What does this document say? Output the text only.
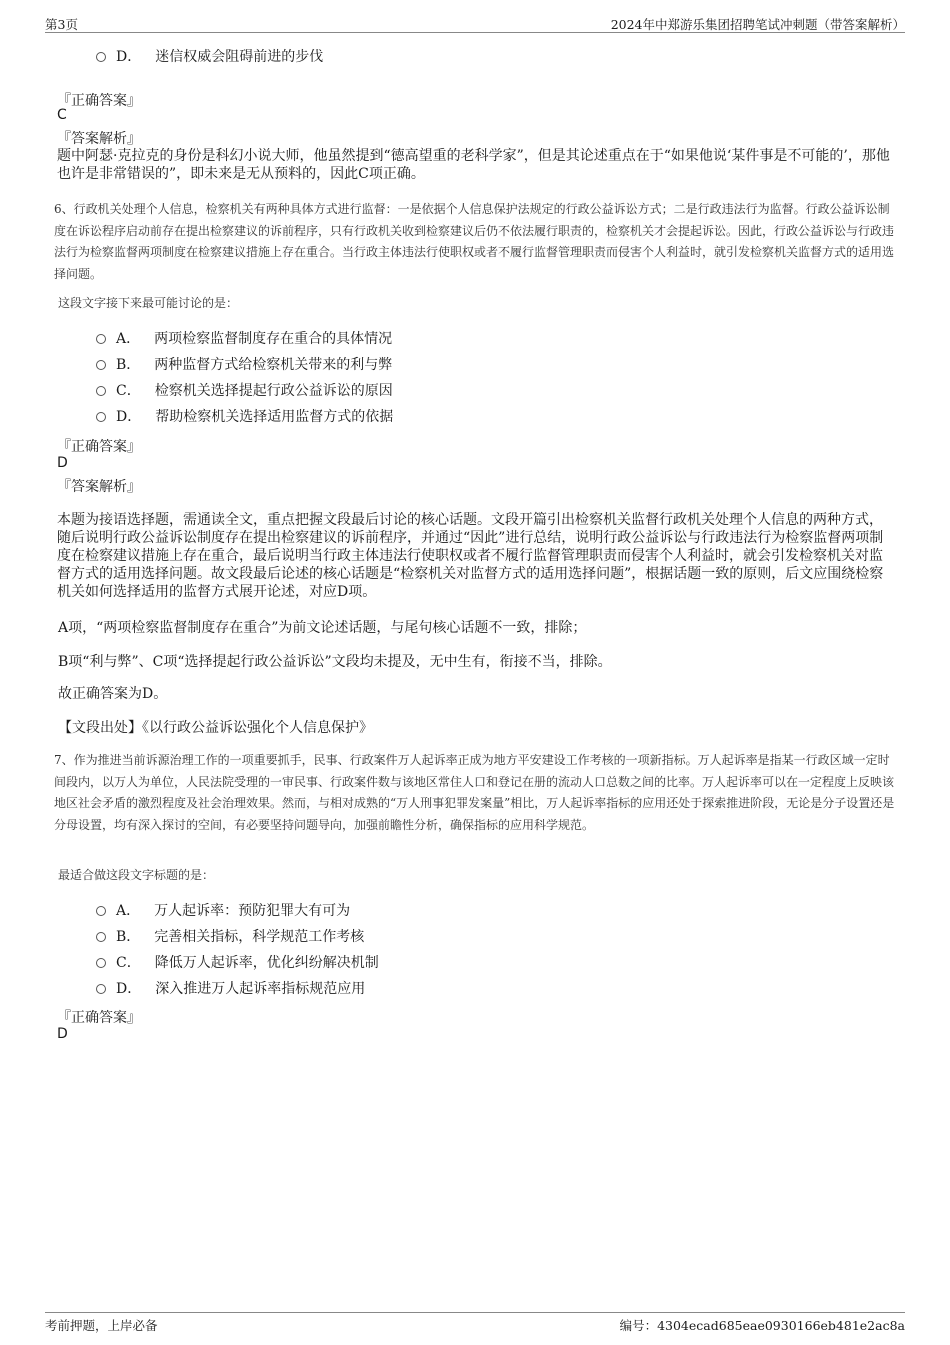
第3页	2024年中郑游乐集团招聘笔试冲刺题（带答案解析）
D． 迷信权威会阻碍前进的步伐
『正确答案』
C
『答案解析』
题中阿瑟·克拉克的身份是科幻小说大师，他虽然提到“德高望重的老科学家”，但是其论述重点在于“如果他说‘某件事是不可能的’，那他也许是非常错误的”，即未来是无从预料的，因此C项正确。
6、行政机关处理个人信息，检察机关有两种具体方式进行监督：一是依据个人信息保护法规定的行政公益诉讼方式；二是行政违法行为监督。行政公益诉讼制度在诉讼程序启动前存在提出检察建议的诉前程序，只有行政机关收到检察建议后仍不依法履行职责的，检察机关才会提起诉讼。因此，行政公益诉讼与行政违法行为检察监督两项制度在检察建议措施上存在重合。当行政主体违法行使职权或者不履行监督管理职责而侵害个人利益时，就引发检察机关监督方式的适用选择问题。
这段文字接下来最可能讨论的是：
A． 两项检察监督制度存在重合的具体情况
B． 两种监督方式给检察机关带来的利与弊
C． 检察机关选择提起行政公益诉讼的原因
D． 帮助检察机关选择适用监督方式的依据
『正确答案』
D
『答案解析』
本题为接语选择题，需通读全文，重点把握文段最后讨论的核心话题。文段开篇引出检察机关监督行政机关处理个人信息的两种方式，随后说明行政公益诉讼制度存在提出检察建议的诉前程序，并通过“因此”进行总结，说明行政公益诉讼与行政违法行为检察监督两项制度在检察建议措施上存在重合，最后说明当行政主体违法行使职权或者不履行监督管理职责而侵害个人利益时，就会引发检察机关对监督方式的适用选择问题。故文段最后论述的核心话题是“检察机关对监督方式的适用选择问题”，根据话题一致的原则，后文应围绕检察机关如何选择适用的监督方式展开论述，对应D项。
A项，“两项检察监督制度存在重合”为前文论述话题，与尾句核心话题不一致，排除；
B项“利与弊”、C项“选择提起行政公益诉讼”文段均未提及，无中生有，衔接不当，排除。
故正确答案为D。
【文段出处】《以行政公益诉讼强化个人信息保护》
7、作为推进当前诉源治理工作的一项重要抓手，民事、行政案件万人起诉率正成为地方平安建设工作考核的一项新指标。万人起诉率是指某一行政区域一定时间段内，以万人为单位，人民法院受理的一审民事、行政案件数与该地区常住人口和登记在册的流动人口总数之间的比率。万人起诉率可以在一定程度上反映该地区社会矛盾的激烈程度及社会治理效果。然而，与相对成熟的“万人刑事犯罪发案量”相比，万人起诉率指标的应用还处于探索推进阶段，无论是分子设置还是分母设置，均有深入探讨的空间，有必要坚持问题导向，加强前瞻性分析，确保指标的应用科学规范。
最适合做这段文字标题的是：
A． 万人起诉率：预防犯罪大有可为
B． 完善相关指标，科学规范工作考核
C． 降低万人起诉率，优化纠纷解决机制
D． 深入推进万人起诉率指标规范应用
『正确答案』
D
考前押题，上岸必备	编号：4304ecad685eae0930166eb481e2ac8a
